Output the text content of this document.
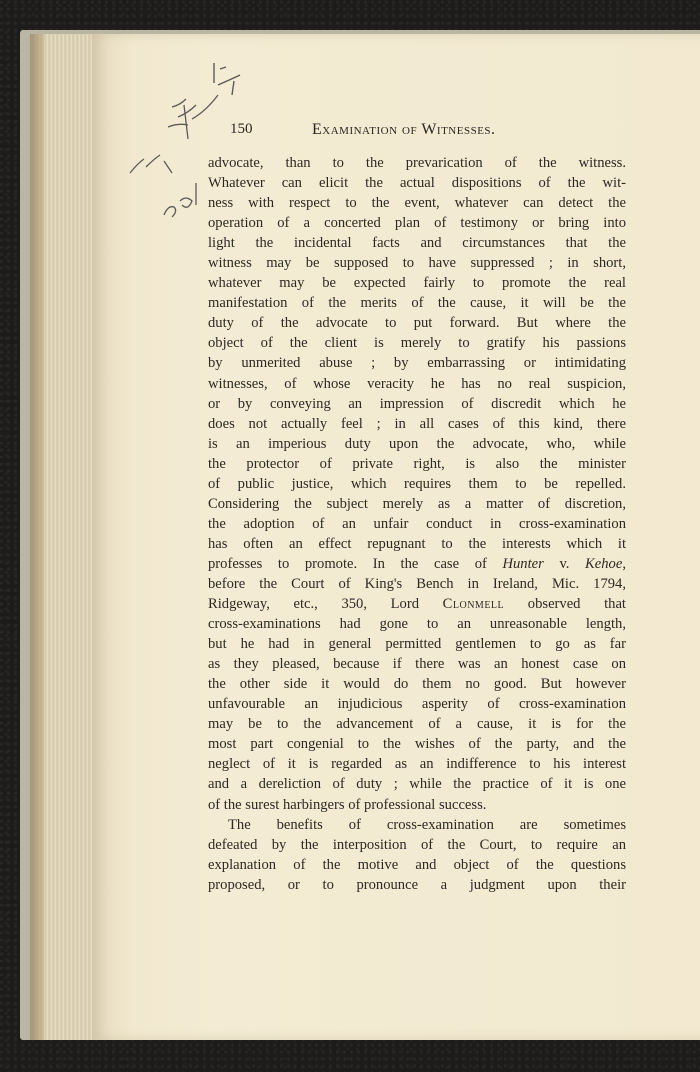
150	Examination of Witnesses.
advocate, than to the prevarication of the witness.
Whatever can elicit the actual dispositions of the wit-
ness with respect to the event, whatever can detect the
operation of a concerted plan of testimony or bring into
light the incidental facts and circumstances that the
witness may be supposed to have suppressed ; in short,
whatever may be expected fairly to promote the real
manifestation of the merits of the cause, it will be the
duty of the advocate to put forward. But where the
object of the client is merely to gratify his passions
by unmerited abuse ; by embarrassing or intimidating
witnesses, of whose veracity he has no real suspicion,
or by conveying an impression of discredit which he
does not actually feel ; in all cases of this kind, there
is an imperious duty upon the advocate, who, while
the protector of private right, is also the minister
of public justice, which requires them to be repelled.
Considering the subject merely as a matter of discretion,
the adoption of an unfair conduct in cross-examination
has often an effect repugnant to the interests which it
professes to promote. In the case of Hunter v. Kehoe,
before the Court of King's Bench in Ireland, Mic. 1794,
Ridgeway, etc., 350, Lord Clonmell observed that
cross-examinations had gone to an unreasonable length,
but he had in general permitted gentlemen to go as far
as they pleased, because if there was an honest case on
the other side it would do them no good. But however
unfavourable an injudicious asperity of cross-examination
may be to the advancement of a cause, it is for the
most part congenial to the wishes of the party, and the
neglect of it is regarded as an indifference to his interest
and a dereliction of duty ; while the practice of it is one
of the surest harbingers of professional success.
The benefits of cross-examination are sometimes
defeated by the interposition of the Court, to require an
explanation of the motive and object of the questions
proposed, or to pronounce a judgment upon their
